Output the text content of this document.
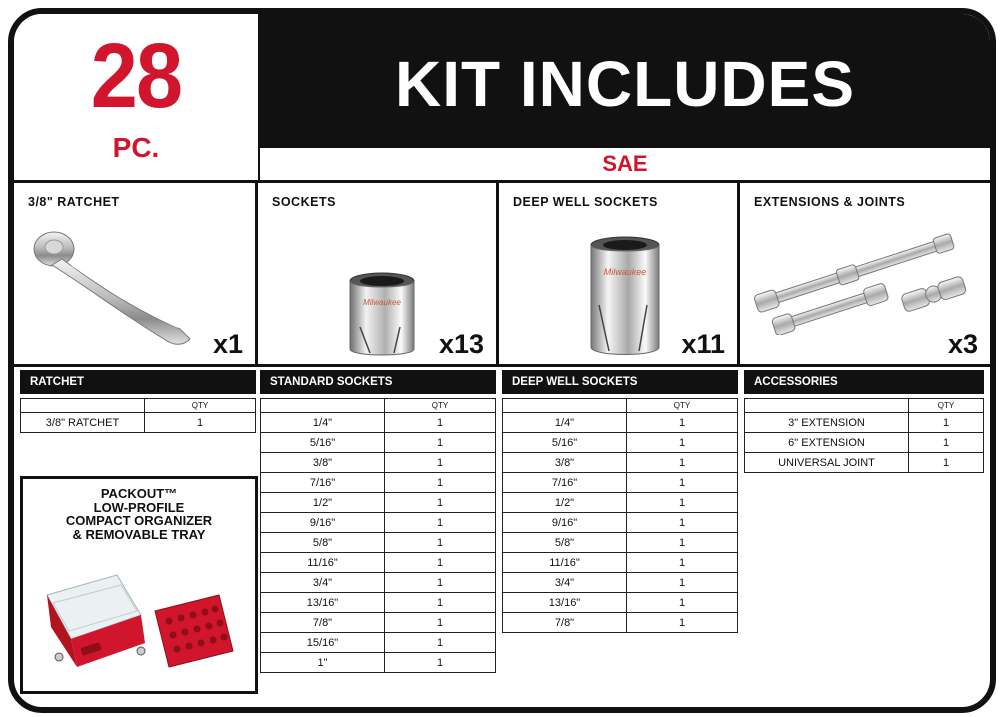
28
PC.
KIT INCLUDES
SAE
3/8" RATCHET
x1
SOCKETS
Milwaukee
x13
DEEP WELL SOCKETS
Milwaukee
x11
EXTENSIONS & JOINTS
x3
RATCHET
	QTY
3/8" RATCHET	1
STANDARD SOCKETS
	QTY
1/4"	1
5/16"	1
3/8"	1
7/16"	1
1/2"	1
9/16"	1
5/8"	1
11/16"	1
3/4"	1
13/16"	1
7/8"	1
15/16"	1
1"	1
DEEP WELL SOCKETS
	QTY
1/4"	1
5/16"	1
3/8"	1
7/16"	1
1/2"	1
9/16"	1
5/8"	1
11/16"	1
3/4"	1
13/16"	1
7/8"	1
ACCESSORIES
	QTY
3" EXTENSION	1
6" EXTENSION	1
UNIVERSAL JOINT	1
PACKOUT™
LOW-PROFILE
COMPACT ORGANIZER
& REMOVABLE TRAY
